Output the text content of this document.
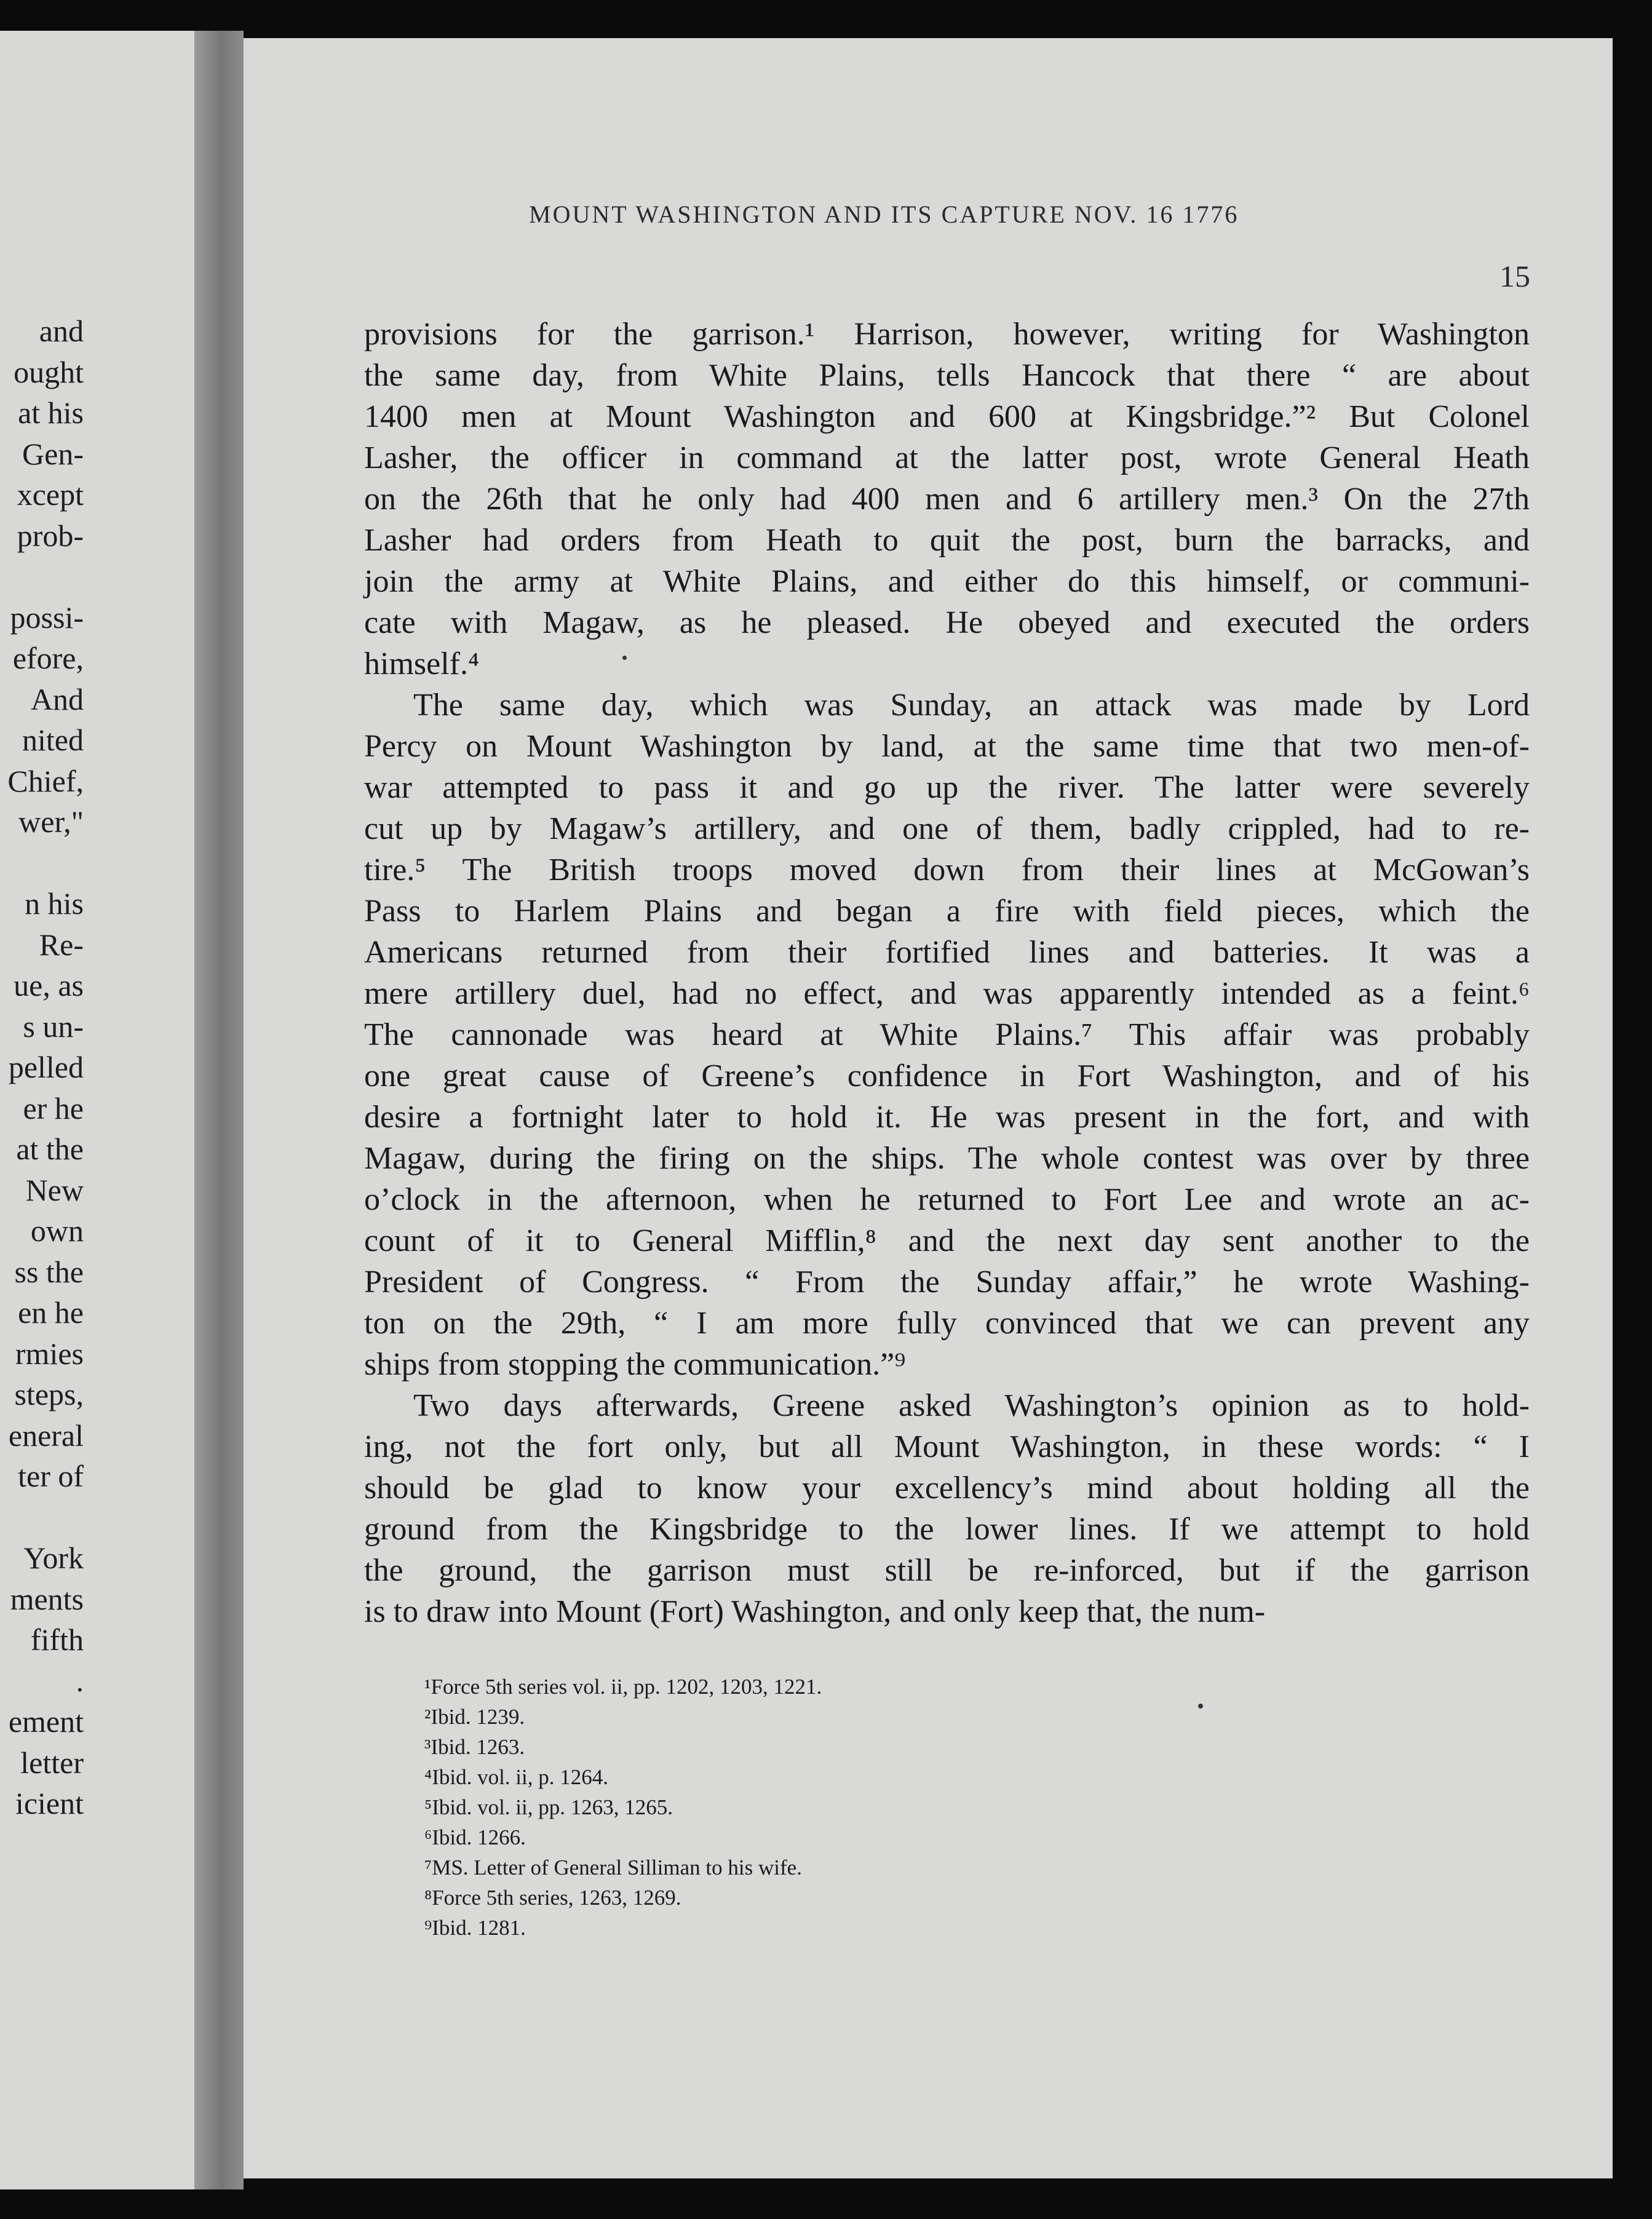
and
ought
at his
Gen-
xcept
prob-
possi-
efore,
And
nited
Chief,
wer,"
n his
Re-
ue, as
s un-
pelled
er he
at the
New
own
ss the
en he
rmies
steps,
eneral
ter of
York
ments
fifth
.
ement
letter
icient
MOUNT WASHINGTON AND ITS CAPTURE NOV. 16 1776
15
provisions for the garrison.¹ Harrison, however, writing for Washington
the same day, from White Plains, tells Hancock that there “ are about
1400 men at Mount Washington and 600 at Kingsbridge.”² But Colonel
Lasher, the officer in command at the latter post, wrote General Heath
on the 26th that he only had 400 men and 6 artillery men.³ On the 27th
Lasher had orders from Heath to quit the post, burn the barracks, and
join the army at White Plains, and either do this himself, or communi-
cate with Magaw, as he pleased. He obeyed and executed the orders
himself.⁴
The same day, which was Sunday, an attack was made by Lord
Percy on Mount Washington by land, at the same time that two men-of-
war attempted to pass it and go up the river. The latter were severely
cut up by Magaw’s artillery, and one of them, badly crippled, had to re-
tire.⁵ The British troops moved down from their lines at McGowan’s
Pass to Harlem Plains and began a fire with field pieces, which the
Americans returned from their fortified lines and batteries. It was a
mere artillery duel, had no effect, and was apparently intended as a feint.⁶
The cannonade was heard at White Plains.⁷ This affair was probably
one great cause of Greene’s confidence in Fort Washington, and of his
desire a fortnight later to hold it. He was present in the fort, and with
Magaw, during the firing on the ships. The whole contest was over by three
o’clock in the afternoon, when he returned to Fort Lee and wrote an ac-
count of it to General Mifflin,⁸ and the next day sent another to the
President of Congress. “ From the Sunday affair,” he wrote Washing-
ton on the 29th, “ I am more fully convinced that we can prevent any
ships from stopping the communication.”⁹
Two days afterwards, Greene asked Washington’s opinion as to hold-
ing, not the fort only, but all Mount Washington, in these words: “ I
should be glad to know your excellency’s mind about holding all the
ground from the Kingsbridge to the lower lines. If we attempt to hold
the ground, the garrison must still be re-inforced, but if the garrison
is to draw into Mount (Fort) Washington, and only keep that, the num-
¹Force 5th series vol. ii, pp. 1202, 1203, 1221.
²Ibid. 1239.
³Ibid. 1263.
⁴Ibid. vol. ii, p. 1264.
⁵Ibid. vol. ii, pp. 1263, 1265.
⁶Ibid. 1266.
⁷MS. Letter of General Silliman to his wife.
⁸Force 5th series, 1263, 1269.
⁹Ibid. 1281.
